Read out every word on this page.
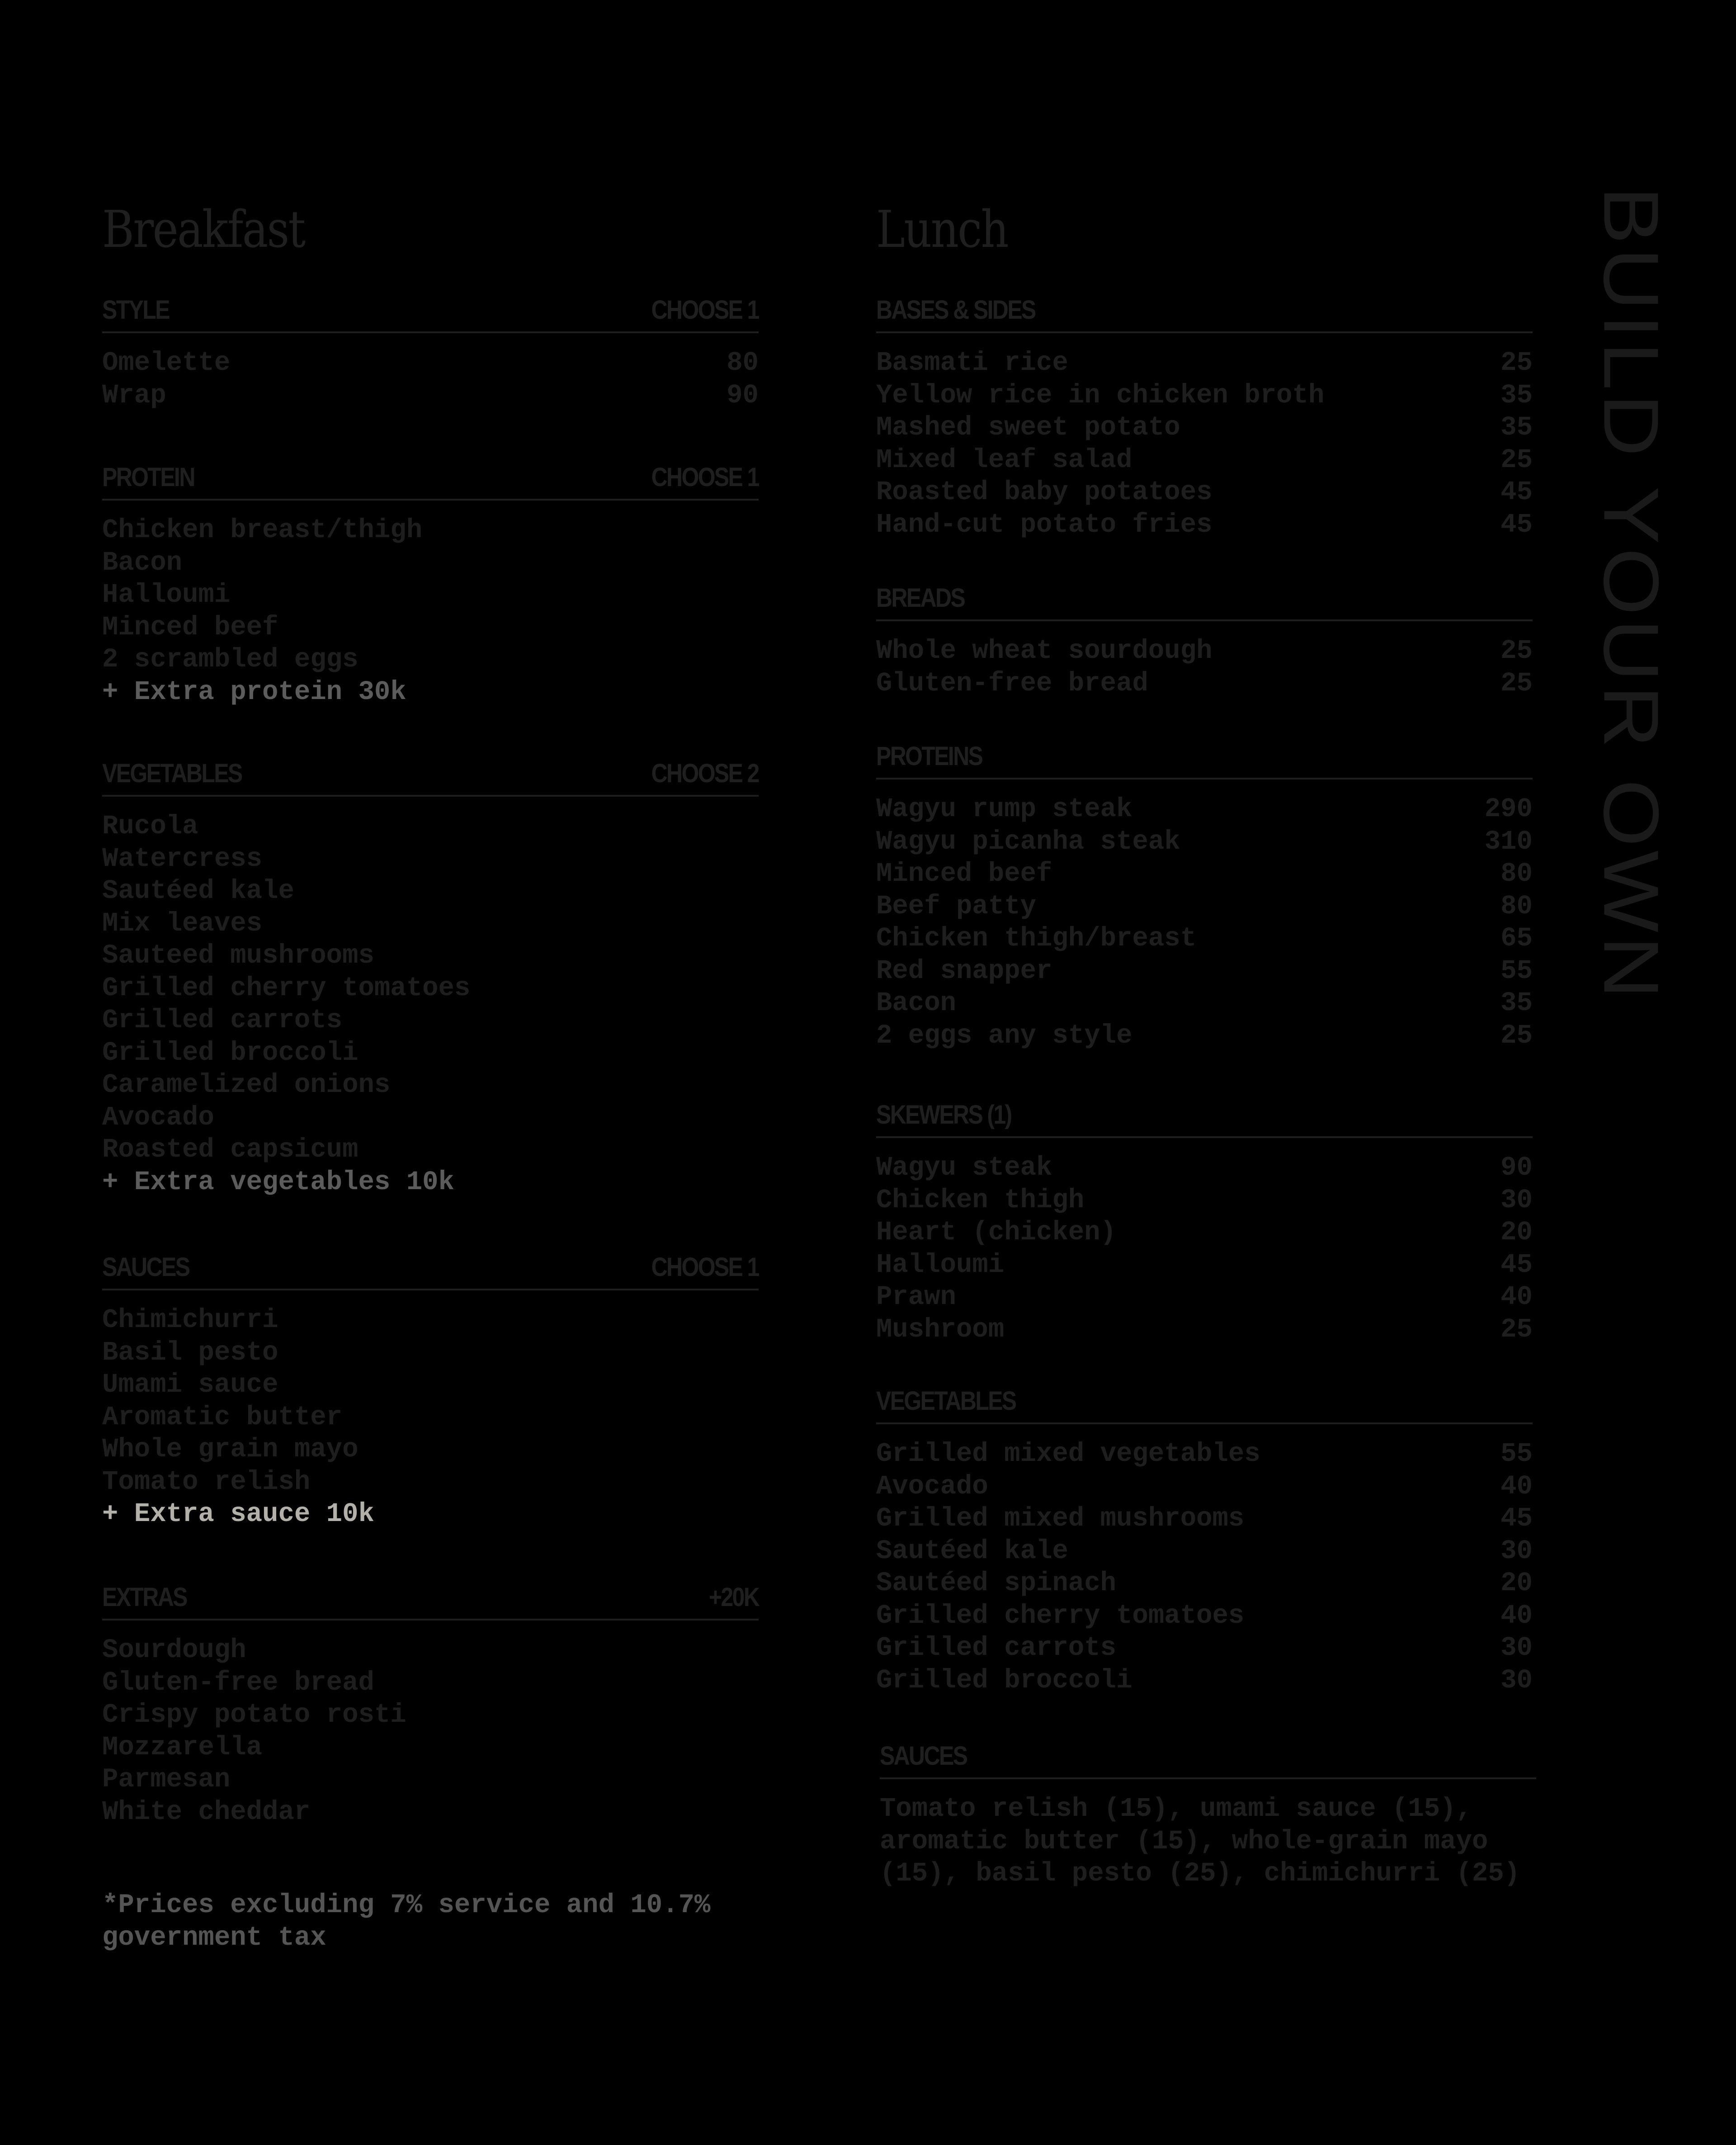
Breakfast
STYLE	CHOOSE 1
Omelette	80
Wrap	90
PROTEIN	CHOOSE 1
Chicken breast/thigh
Bacon
Halloumi
Minced beef
2 scrambled eggs
+ Extra protein 30k
VEGETABLES	CHOOSE 2
Rucola
Watercress
Sautéed kale
Mix leaves
Sauteed mushrooms
Grilled cherry tomatoes
Grilled carrots
Grilled broccoli
Caramelized onions
Avocado
Roasted capsicum
+ Extra vegetables 10k
SAUCES	CHOOSE 1
Chimichurri
Basil pesto
Umami sauce
Aromatic butter
Whole grain mayo
Tomato relish
+ Extra sauce 10k
EXTRAS	+20K
Sourdough
Gluten-free bread
Crispy potato rosti
Mozzarella
Parmesan
White cheddar
*Prices excluding 7% service and 10.7% government tax
Lunch
BASES & SIDES
Basmati rice	25
Yellow rice in chicken broth	35
Mashed sweet potato	35
Mixed leaf salad	25
Roasted baby potatoes	45
Hand-cut potato fries	45
BREADS
Whole wheat sourdough	25
Gluten-free bread	25
PROTEINS
Wagyu rump steak	290
Wagyu picanha steak	310
Minced beef	80
Beef patty	80
Chicken thigh/breast	65
Red snapper	55
Bacon	35
2 eggs any style	25
SKEWERS (1)
Wagyu steak	90
Chicken thigh	30
Heart (chicken)	20
Halloumi	45
Prawn	40
Mushroom	25
VEGETABLES
Grilled mixed vegetables	55
Avocado	40
Grilled mixed mushrooms	45
Sautéed kale	30
Sautéed spinach	20
Grilled cherry tomatoes	40
Grilled carrots	30
Grilled broccoli	30
SAUCES
Tomato relish (15), umami sauce (15),
aromatic butter (15), whole-grain mayo
(15), basil pesto (25), chimichurri (25)
BUILD YOUR OWN
